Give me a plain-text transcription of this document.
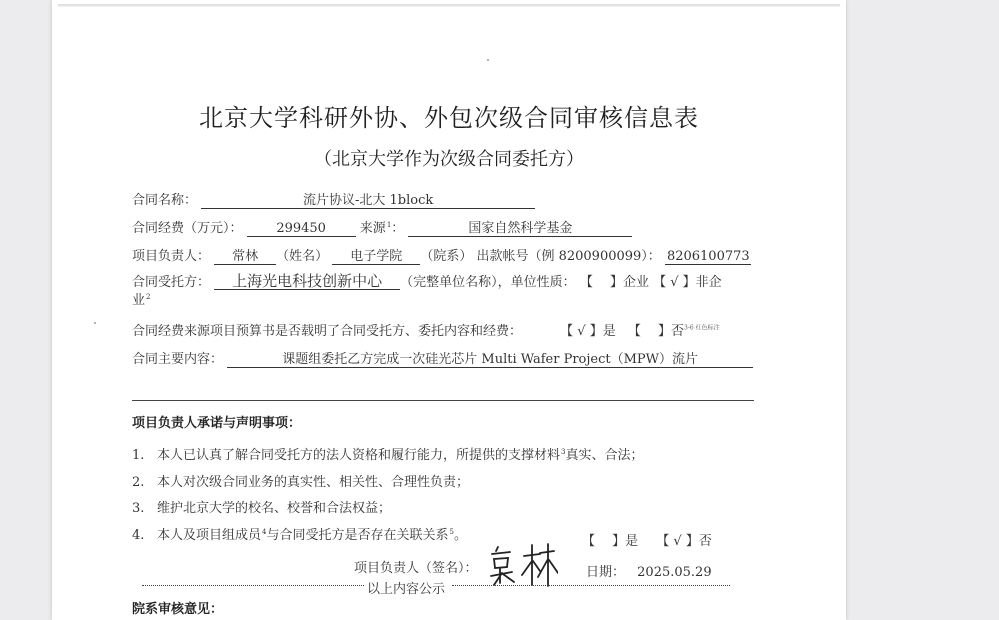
北京大学科研外协、外包次级合同审核信息表
（北京大学作为次级合同委托方）
合同名称：	流片协议-北大 1block
合同经费（万元）：	299450	来源$^1$：	国家自然科学基金
项目负责人： 常林 （姓名） 电子学院 （院系） 出款帐号（例 8200900099）： 8206100773
合同受托方： 上海光电科技创新中心 （完整单位名称），单位性质： 【　 】企业 【 √ 】非企
业$^2$
合同经费来源项目预算书是否载明了合同受托方、委托内容和经费：	【 √ 】是 【　 】否$^{3-6 红色标注}$
合同主要内容：	课题组委托乙方完成一次硅光芯片 Multi Wafer Project（MPW）流片
项目负责人承诺与声明事项：
1. 本人已认真了解合同受托方的法人资格和履行能力，所提供的支撑材料$^3$真实、合法；
2. 本人对次级合同业务的真实性、相关性、合理性负责；
3. 维护北京大学的校名、校誉和合法权益；
4. 本人及项目组成员$^4$与合同受托方是否存在关联关系$^5$。	【　 】是 【 √ 】否
项目负责人（签名）：	日期： 2025.05.29
以上内容公示
院系审核意见：
